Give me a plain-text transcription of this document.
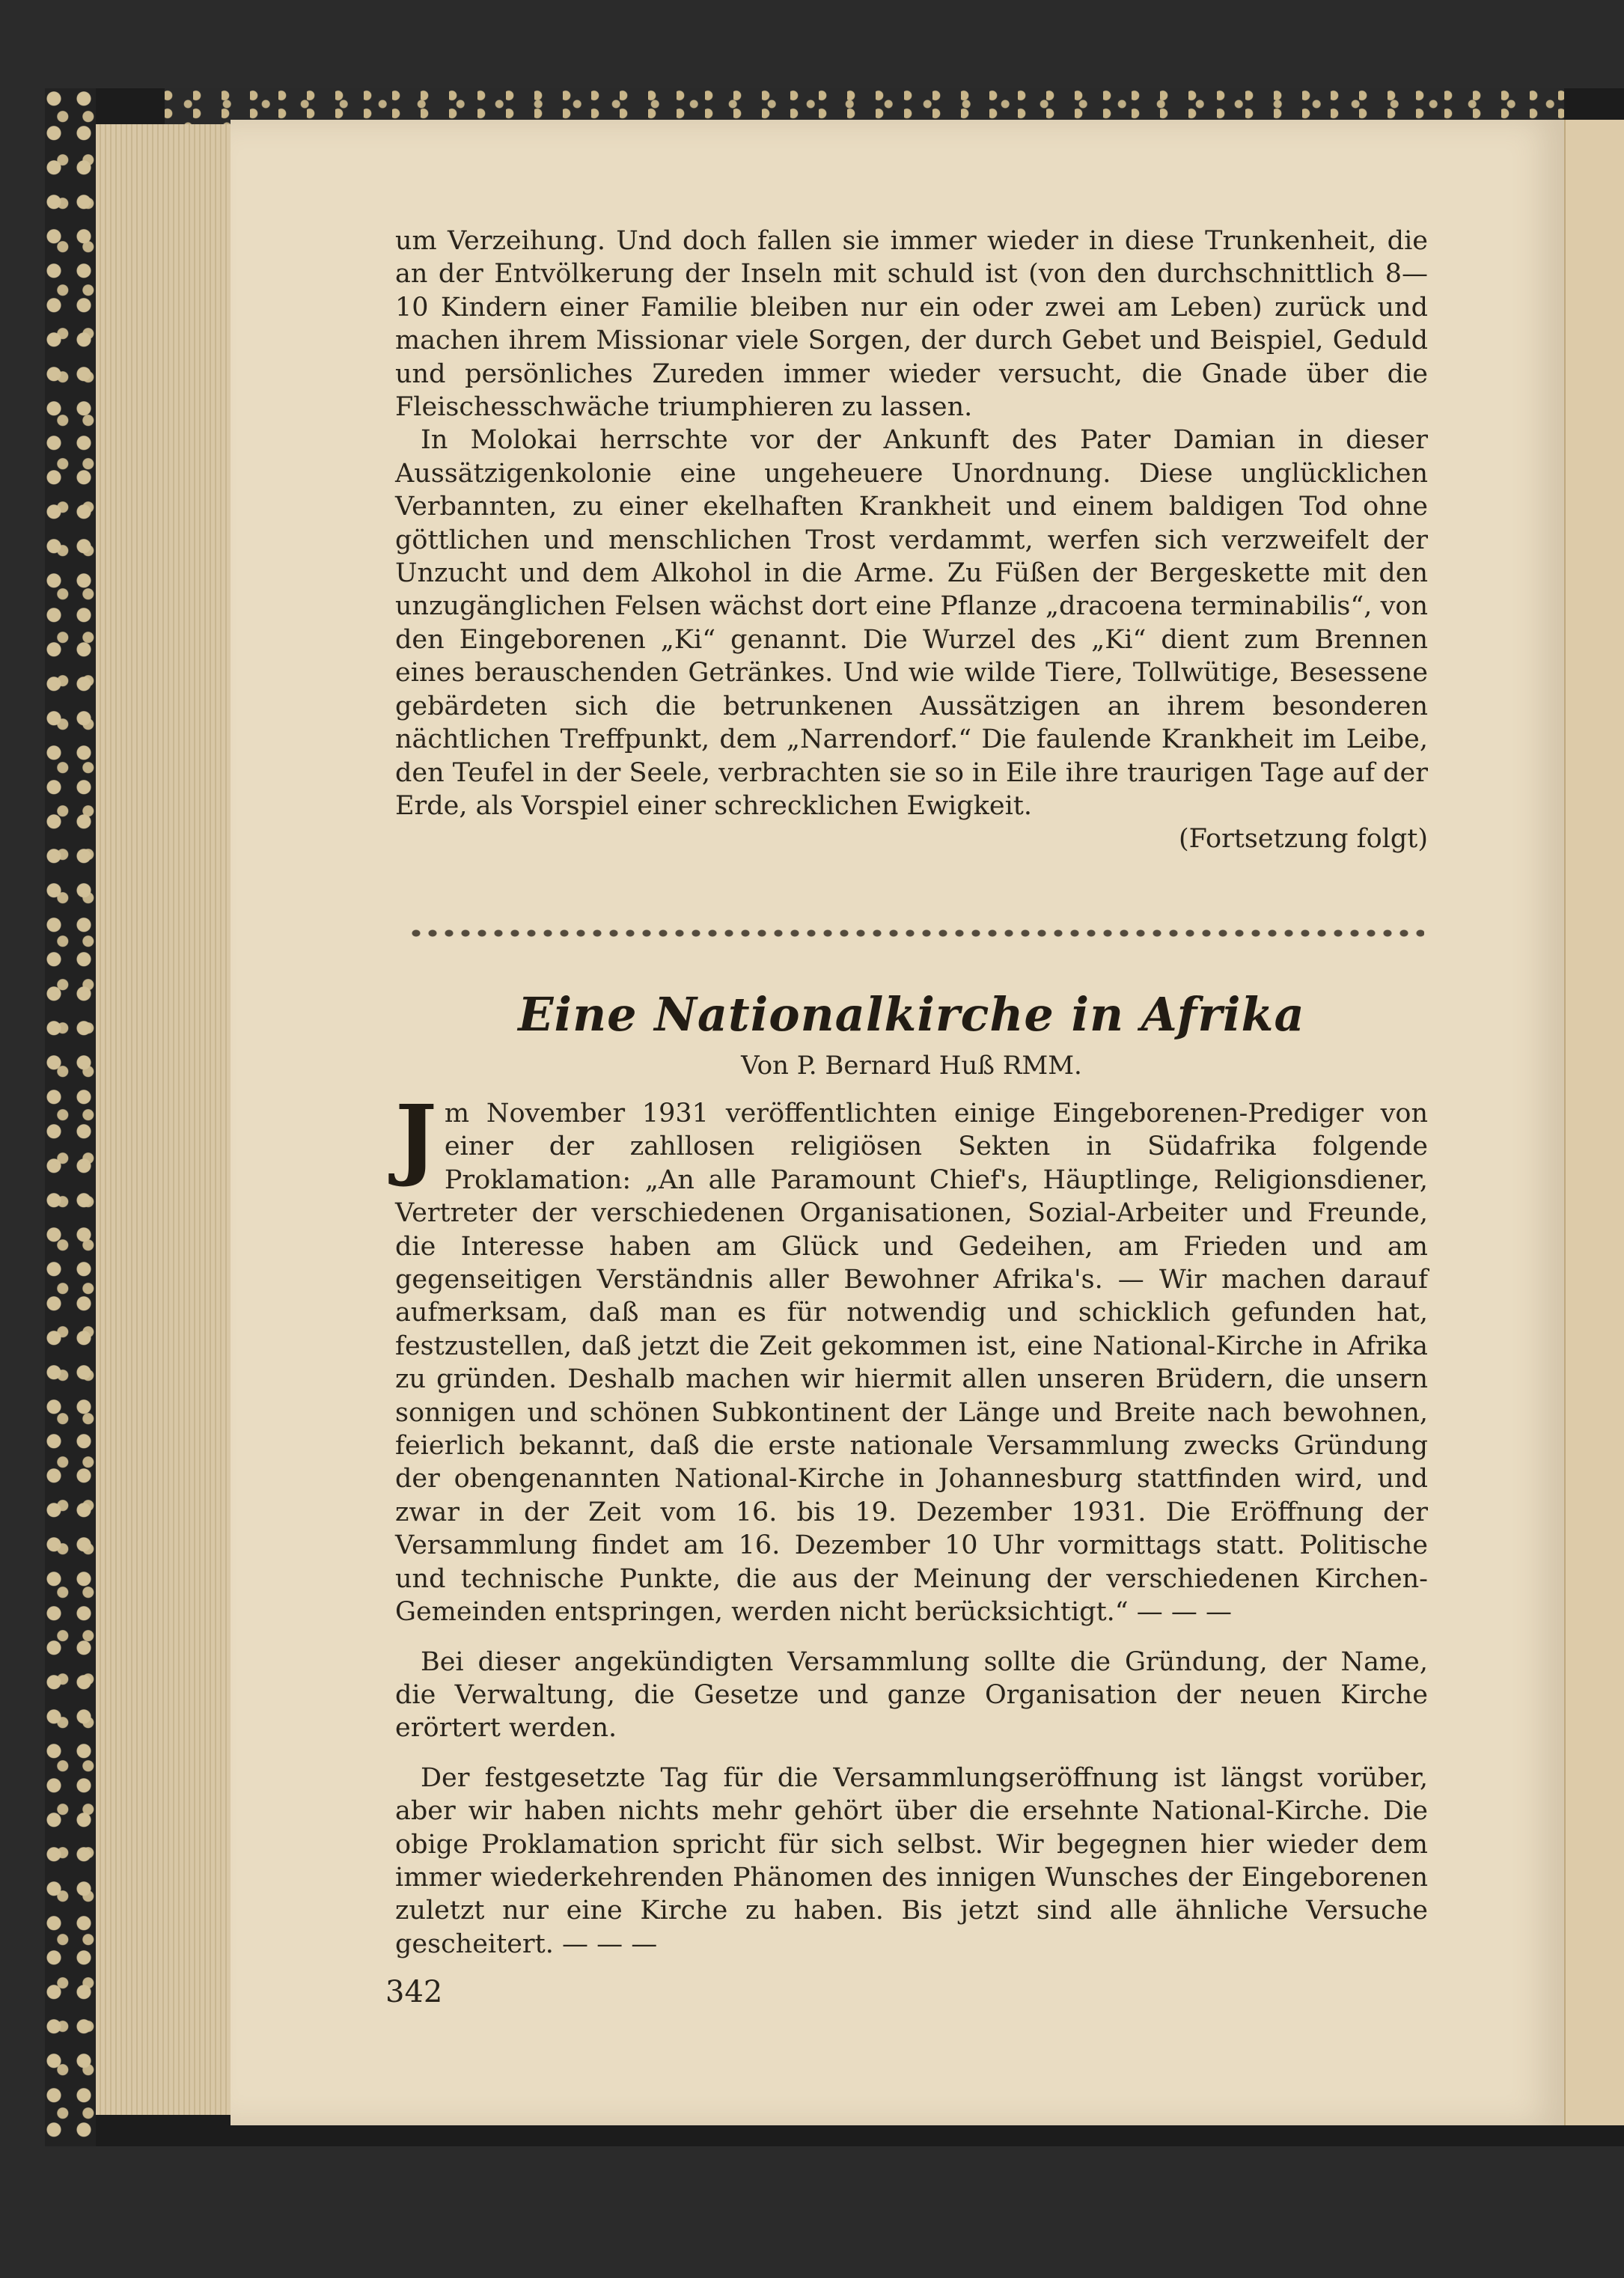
um Verzeihung. Und doch fallen sie immer wieder in diese Trunkenheit, die an der Entvölkerung der Inseln mit schuld ist (von den durchschnittlich 8—10 Kindern einer Familie bleiben nur ein oder zwei am Leben) zurück und machen ihrem Missionar viele Sorgen, der durch Gebet und Beispiel, Geduld und persönliches Zureden immer wieder versucht, die Gnade über die Fleischesschwäche triumphieren zu lassen.

In Molokai herrschte vor der Ankunft des Pater Damian in dieser Aussätzigenkolonie eine ungeheuere Unordnung. Diese unglücklichen Verbannten, zu einer ekelhaften Krankheit und einem baldigen Tod ohne göttlichen und menschlichen Trost verdammt, werfen sich verzweifelt der Unzucht und dem Alkohol in die Arme. Zu Füßen der Bergeskette mit den unzugänglichen Felsen wächst dort eine Pflanze „dracoena terminabilis“, von den Eingeborenen „Ki“ genannt. Die Wurzel des „Ki“ dient zum Brennen eines berauschenden Getränkes. Und wie wilde Tiere, Tollwütige, Besessene gebärdeten sich die betrunkenen Aussätzigen an ihrem besonderen nächtlichen Treffpunkt, dem „Narrendorf.“ Die faulende Krankheit im Leibe, den Teufel in der Seele, verbrachten sie so in Eile ihre traurigen Tage auf der Erde, als Vorspiel einer schrecklichen Ewigkeit.

(Fortsetzung folgt)

Eine Nationalkirche in Afrika
Von P. Bernard Huß RMM.

Jm November 1931 veröffentlichten einige Eingeborenen-Prediger von einer der zahllosen religiösen Sekten in Südafrika folgende Proklamation: „An alle Paramount Chief's, Häuptlinge, Religionsdiener, Vertreter der verschiedenen Organisationen, Sozial-Arbeiter und Freunde, die Interesse haben am Glück und Gedeihen, am Frieden und am gegenseitigen Verständnis aller Bewohner Afrika's. — Wir machen darauf aufmerksam, daß man es für notwendig und schicklich gefunden hat, festzustellen, daß jetzt die Zeit gekommen ist, eine National-Kirche in Afrika zu gründen. Deshalb machen wir hiermit allen unseren Brüdern, die unsern sonnigen und schönen Subkontinent der Länge und Breite nach bewohnen, feierlich bekannt, daß die erste nationale Versammlung zwecks Gründung der obengenannten National-Kirche in Johannesburg stattfinden wird, und zwar in der Zeit vom 16. bis 19. Dezember 1931. Die Eröffnung der Versammlung findet am 16. Dezember 10 Uhr vormittags statt. Politische und technische Punkte, die aus der Meinung der verschiedenen Kirchen-Gemeinden entspringen, werden nicht berücksichtigt.“ — — —

Bei dieser angekündigten Versammlung sollte die Gründung, der Name, die Verwaltung, die Gesetze und ganze Organisation der neuen Kirche erörtert werden.

Der festgesetzte Tag für die Versammlungseröffnung ist längst vorüber, aber wir haben nichts mehr gehört über die ersehnte National-Kirche. Die obige Proklamation spricht für sich selbst. Wir begegnen hier wieder dem immer wiederkehrenden Phänomen des innigen Wunsches der Eingeborenen zuletzt nur eine Kirche zu haben. Bis jetzt sind alle ähnliche Versuche gescheitert. — — —

342
